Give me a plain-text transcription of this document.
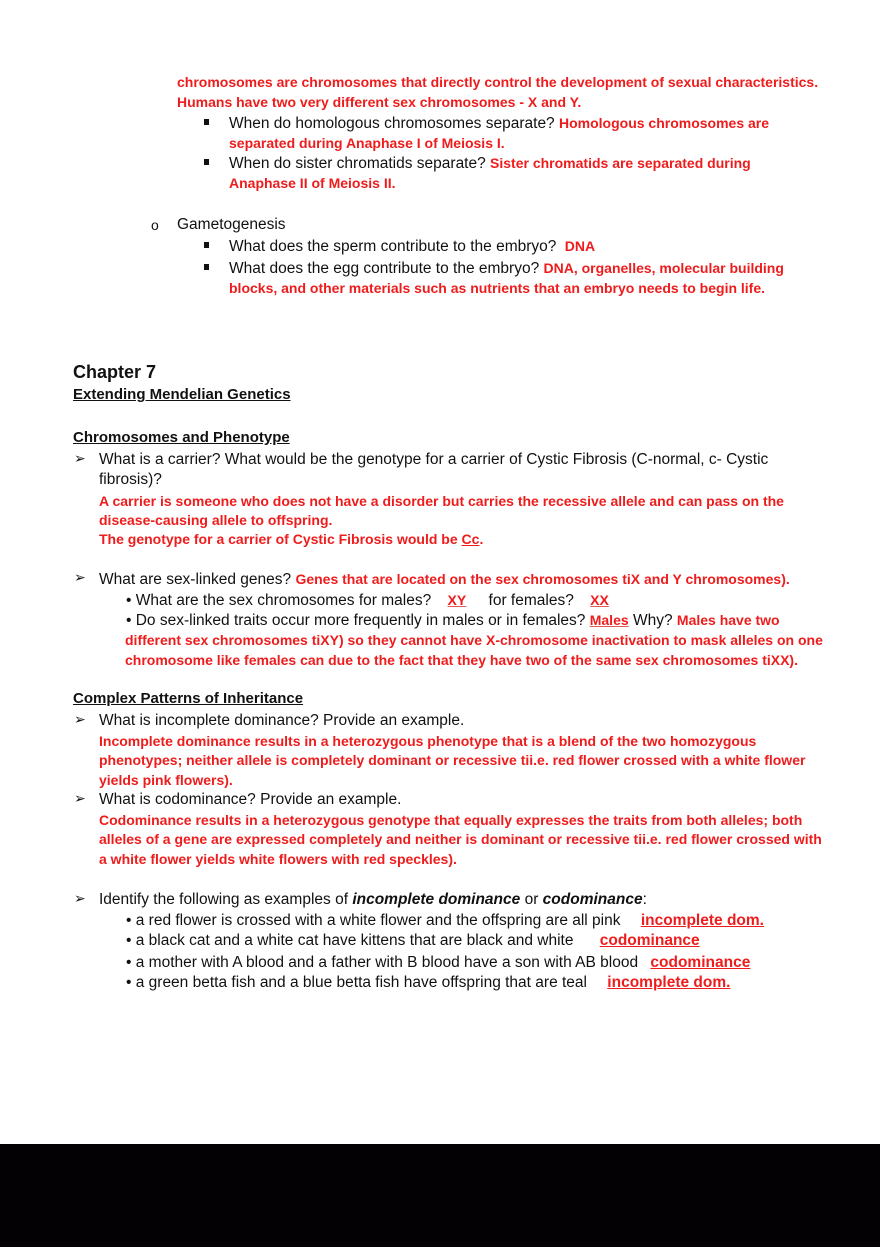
chromosomes are chromosomes that directly control the development of sexual characteristics.
Humans have two very different sex chromosomes - X and Y.
When do homologous chromosomes separate? Homologous chromosomes are
separated during Anaphase I of Meiosis I.
When do sister chromatids separate? Sister chromatids are separated during
Anaphase II of Meiosis II.
o Gametogenesis
What does the sperm contribute to the embryo? DNA
What does the egg contribute to the embryo? DNA, organelles, molecular building
blocks, and other materials such as nutrients that an embryo needs to begin life.
Chapter 7
Extending Mendelian Genetics
Chromosomes and Phenotype
➢ What is a carrier? What would be the genotype for a carrier of Cystic Fibrosis (C-normal, c- Cystic
fibrosis)?
A carrier is someone who does not have a disorder but carries the recessive allele and can pass on the
disease-causing allele to offspring.
The genotype for a carrier of Cystic Fibrosis would be Cc.
➢ What are sex-linked genes? Genes that are located on the sex chromosomes tiX and Y chromosomes).
• What are the sex chromosomes for males? XY for females? XX
• Do sex-linked traits occur more frequently in males or in females? Males Why? Males have two
different sex chromosomes tiXY) so they cannot have X-chromosome inactivation to mask alleles on one
chromosome like females can due to the fact that they have two of the same sex chromosomes tiXX).
Complex Patterns of Inheritance
➢ What is incomplete dominance? Provide an example.
Incomplete dominance results in a heterozygous phenotype that is a blend of the two homozygous
phenotypes; neither allele is completely dominant or recessive tii.e. red flower crossed with a white flower
yields pink flowers).
➢ What is codominance? Provide an example.
Codominance results in a heterozygous genotype that equally expresses the traits from both alleles; both
alleles of a gene are expressed completely and neither is dominant or recessive tii.e. red flower crossed with
a white flower yields white flowers with red speckles).
➢ Identify the following as examples of incomplete dominance or codominance:
• a red flower is crossed with a white flower and the offspring are all pink incomplete dom.
• a black cat and a white cat have kittens that are black and white codominance
• a mother with A blood and a father with B blood have a son with AB blood codominance
• a green betta fish and a blue betta fish have offspring that are teal incomplete dom.
